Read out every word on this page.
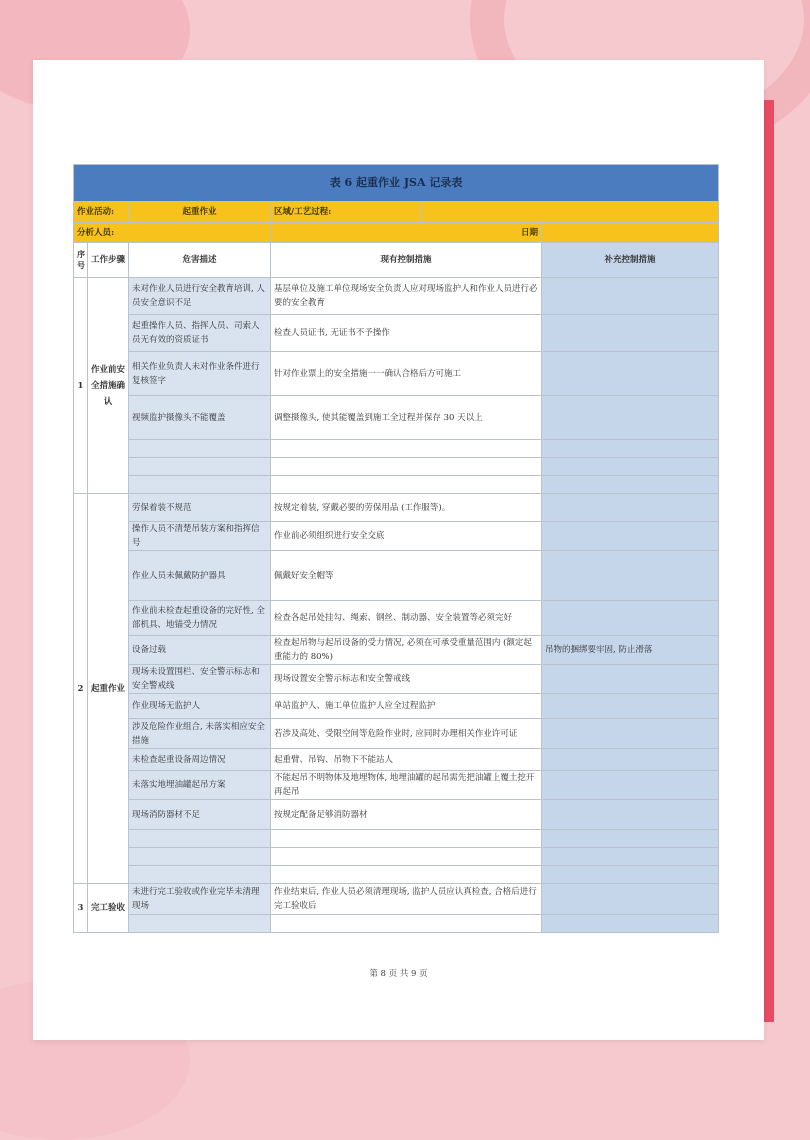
表 6 起重作业 JSA 记录表				
作业活动:		起重作业	区域/工艺过程:	

分析人员:			日期	
序号	工作步骤	危害描述	现有控制措施	补充控制措施
1	作业前安全措施确认	未对作业人员进行安全教育培训, 人员安全意识不足	基层单位及施工单位现场安全负责人应对现场监护人和作业人员进行必要的安全教育	
		起重操作人员、指挥人员、司索人员无有效的资质证书	检查人员证书, 无证书不予操作	
		相关作业负责人未对作业条件进行复核签字	针对作业票上的安全措施一一确认合格后方可施工	
		视频监护摄像头不能覆盖	调整摄像头, 使其能覆盖到施工全过程并保存 30 天以上	

2	起重作业	劳保着装不规范	按规定着装, 穿戴必要的劳保用品 (工作服等)。	
		操作人员不清楚吊装方案和指挥信号	作业前必须组织进行安全交底	
		作业人员未佩戴防护器具	佩戴好安全帽等	
		作业前未检查起重设备的完好性, 全部机具、地锚受力情况	检查各起吊处挂勾、绳索、钢丝、制动器、安全装置等必须完好	
		设备过载	检查起吊物与起吊设备的受力情况, 必须在可承受重量范围内 (额定起重能力的 80%)	吊物的捆绑要牢固, 防止滑落
		现场未设置围栏、安全警示标志和安全警戒线	现场设置安全警示标志和安全警戒线	
		作业现场无监护人	单站监护人、施工单位监护人应全过程监护	
		涉及危险作业组合, 未落实相应安全措施	若涉及高处、受限空间等危险作业时, 应同时办理相关作业许可证	
		未检查起重设备周边情况	起重臂、吊钩、吊物下不能站人	
		未落实地埋油罐起吊方案	不能起吊不明物体及地埋物体, 地埋油罐的起吊需先把油罐上覆土挖开再起吊	
		现场消防器材不足	按规定配备足够消防器材	

3	完工验收	未进行完工验收或作业完毕未清理现场	作业结束后, 作业人员必须清理现场, 监护人员应认真检查, 合格后进行完工验收后	

第 8 页 共 9 页
